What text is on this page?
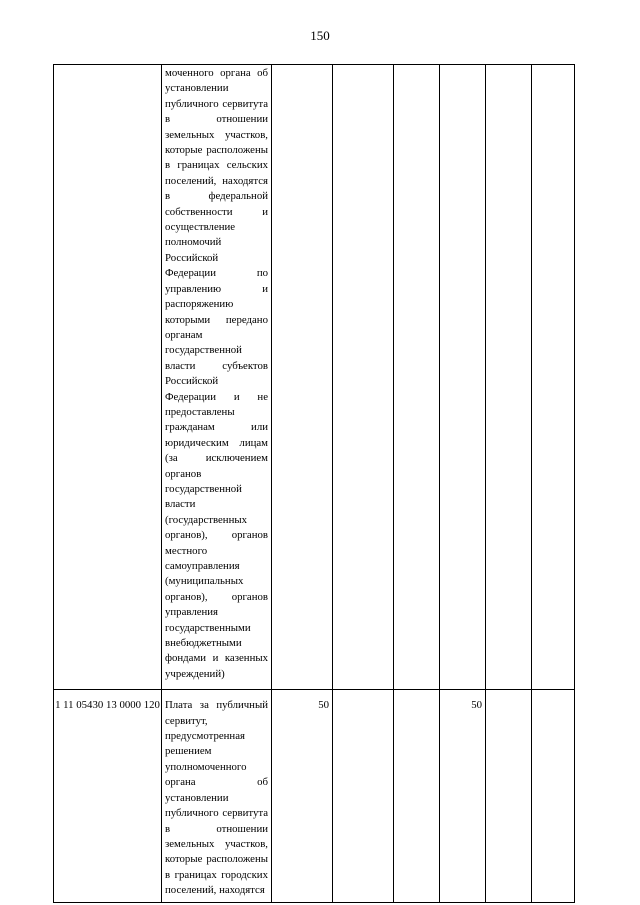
150

	моченного органа об установлении публичного сервитута в отношении земельных участков, которые расположены в границах сельских поселений, находятся в федеральной собственности и осуществление полномочий Российской Федерации по управлению и распоряжению которыми передано органам государственной власти субъектов Российской Федерации и не предоставлены гражданам или юридическим лицам (за исключением органов государственной власти (государственных органов), органов местного самоуправления (муниципальных органов), органов управления государственными внебюджетными фондами и казенных учреждений)						

1 11 05430 13 0000 120	Плата за публичный сервитут, предусмотренная решением уполномоченного органа об установлении публичного сервитута в отношении земельных участков, которые расположены в границах городских поселений, находятся	50			50		
